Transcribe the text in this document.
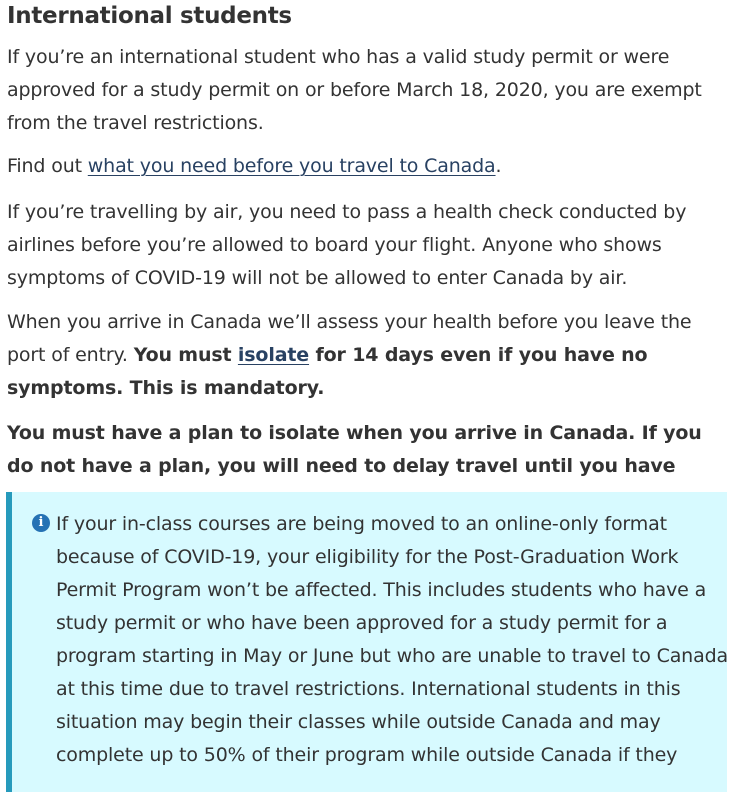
International students

If you’re an international student who has a valid study permit or were approved for a study permit on or before March 18, 2020, you are exempt from the travel restrictions.

Find out what you need before you travel to Canada.

If you’re travelling by air, you need to pass a health check conducted by airlines before you’re allowed to board your flight. Anyone who shows symptoms of COVID-19 will not be allowed to enter Canada by air.

When you arrive in Canada we’ll assess your health before you leave the port of entry. You must isolate for 14 days even if you have no symptoms. This is mandatory.

You must have a plan to isolate when you arrive in Canada. If you do not have a plan, you will need to delay travel until you have

i If your in-class courses are being moved to an online-only format because of COVID-19, your eligibility for the Post-Graduation Work Permit Program won’t be affected. This includes students who have a study permit or who have been approved for a study permit for a program starting in May or June but who are unable to travel to Canada at this time due to travel restrictions. International students in this situation may begin their classes while outside Canada and may complete up to 50% of their program while outside Canada if they
